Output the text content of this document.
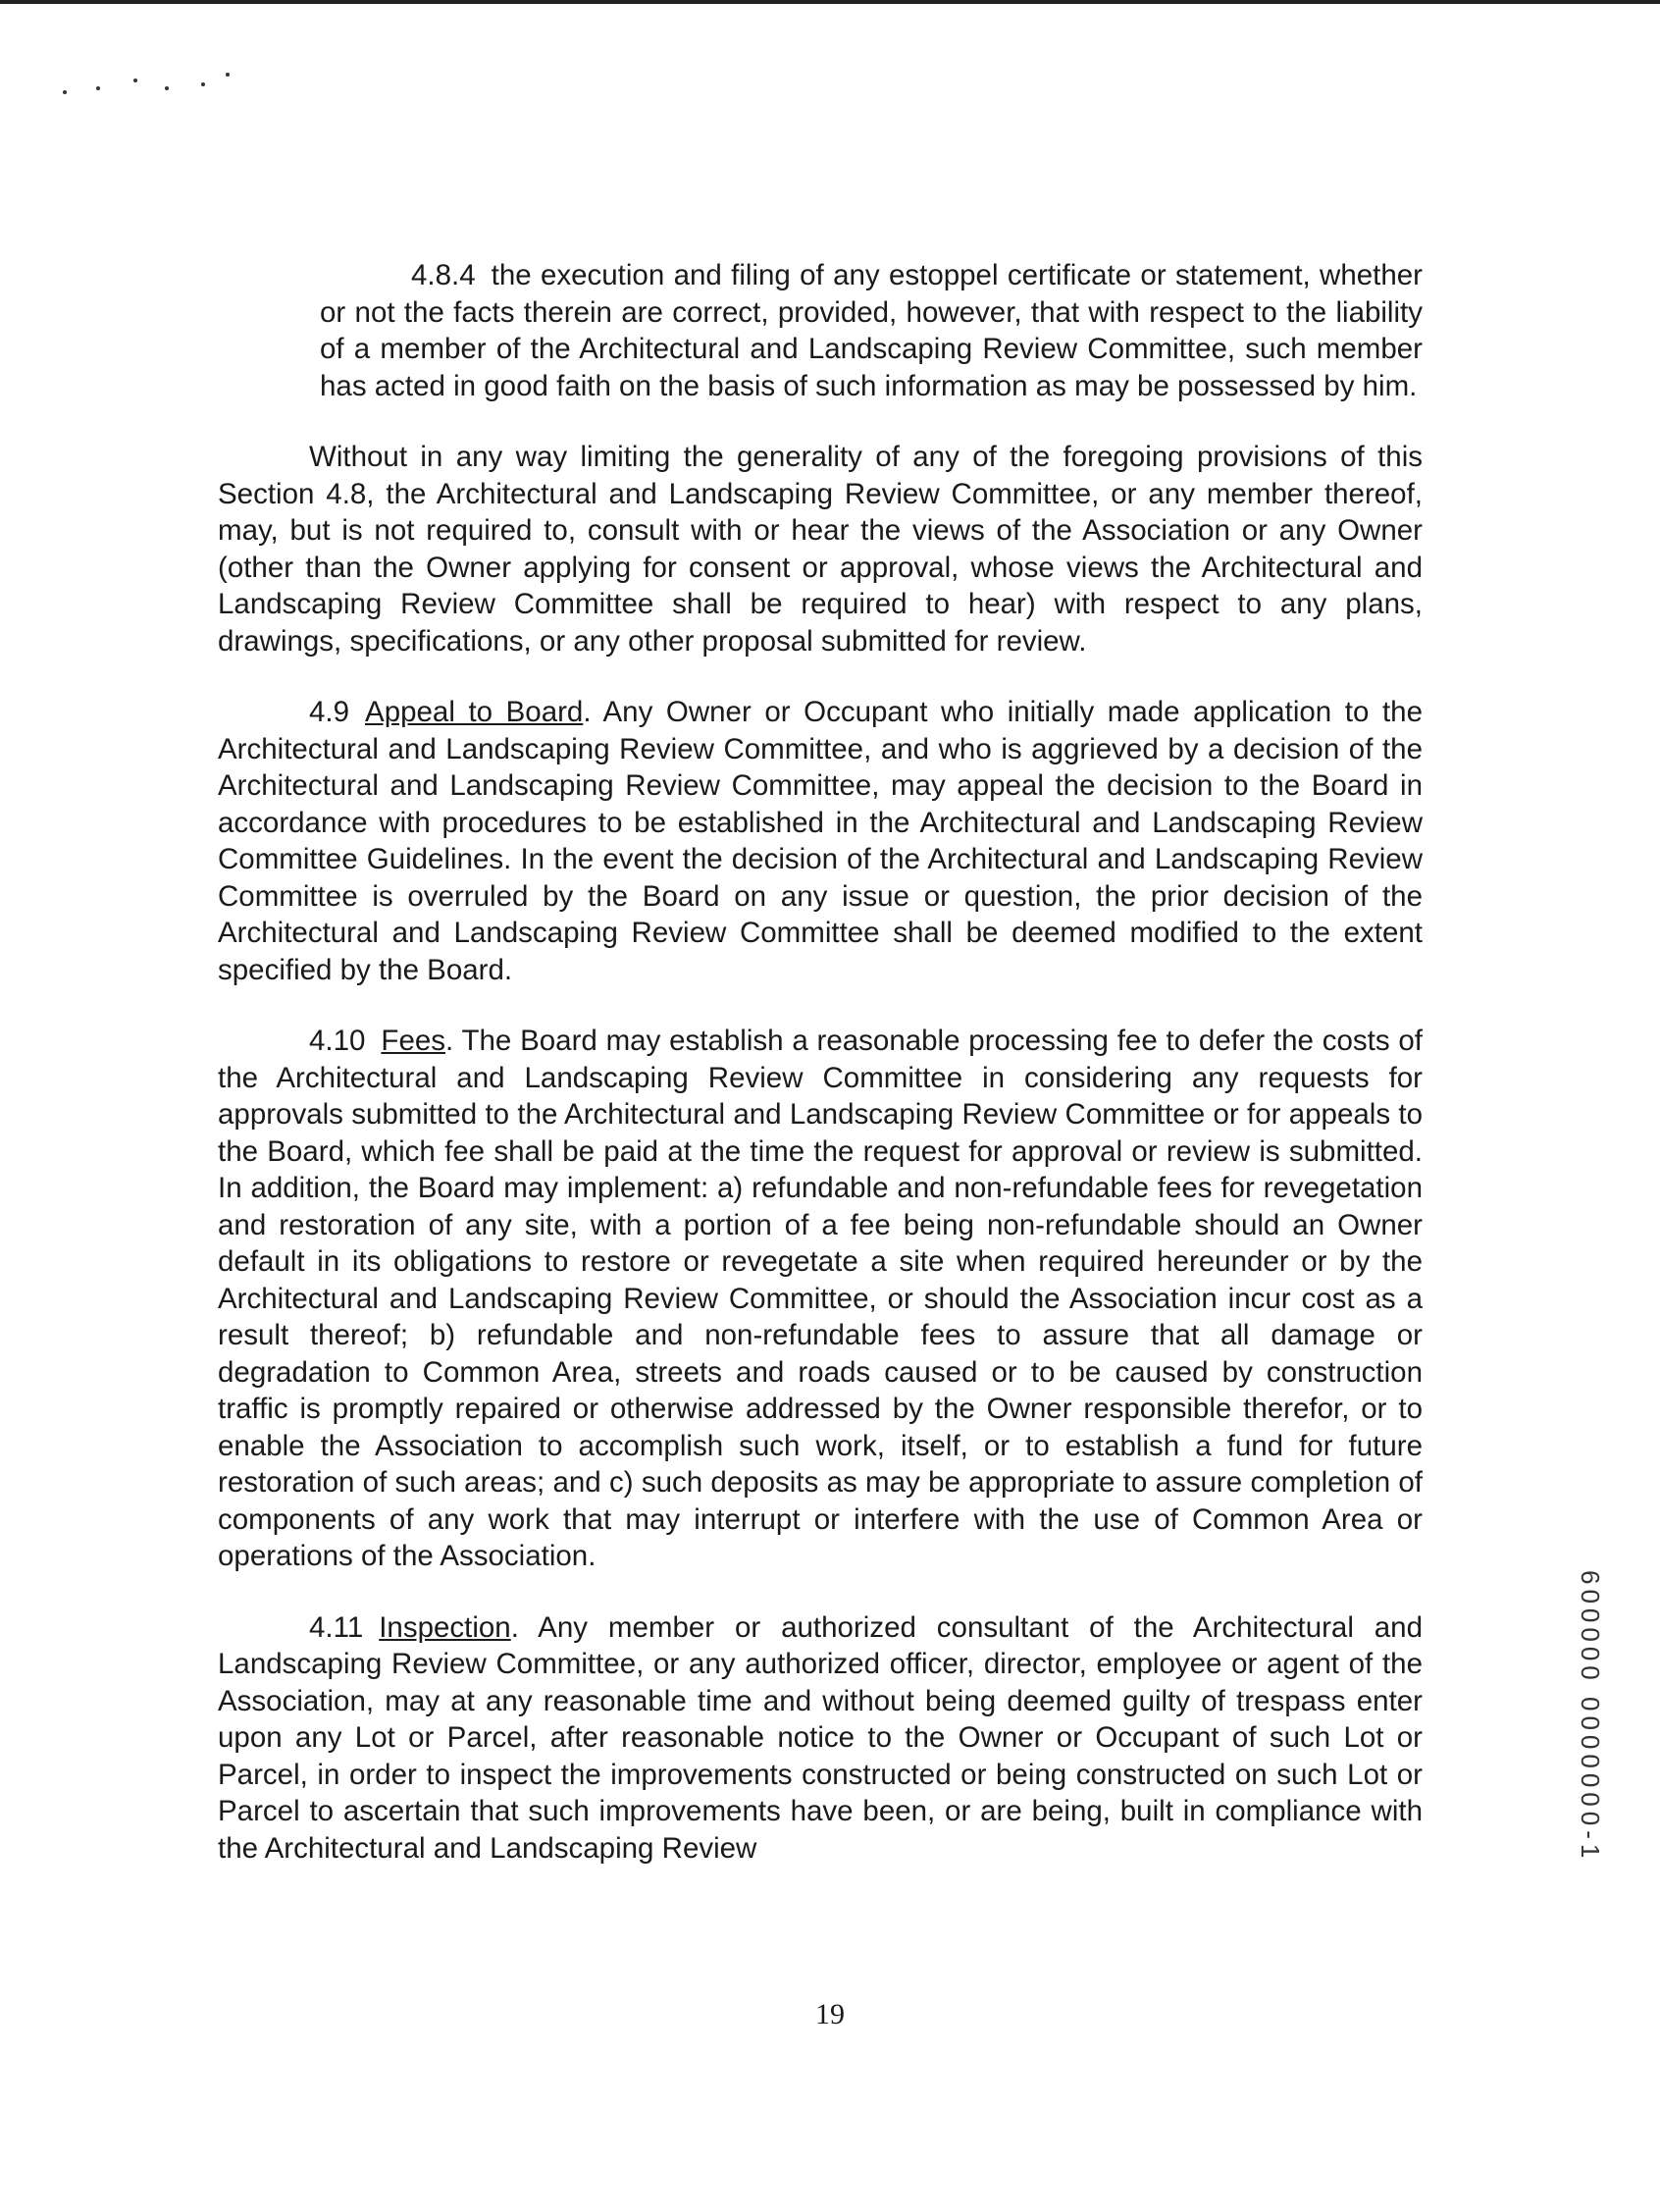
4.8.4 the execution and filing of any estoppel certificate or statement, whether or not the facts therein are correct, provided, however, that with respect to the liability of a member of the Architectural and Landscaping Review Committee, such member has acted in good faith on the basis of such information as may be possessed by him.

Without in any way limiting the generality of any of the foregoing provisions of this Section 4.8, the Architectural and Landscaping Review Committee, or any member thereof, may, but is not required to, consult with or hear the views of the Association or any Owner (other than the Owner applying for consent or approval, whose views the Architectural and Landscaping Review Committee shall be required to hear) with respect to any plans, drawings, specifications, or any other proposal submitted for review.

4.9 Appeal to Board. Any Owner or Occupant who initially made application to the Architectural and Landscaping Review Committee, and who is aggrieved by a decision of the Architectural and Landscaping Review Committee, may appeal the decision to the Board in accordance with procedures to be established in the Architectural and Landscaping Review Committee Guidelines. In the event the decision of the Architectural and Landscaping Review Committee is overruled by the Board on any issue or question, the prior decision of the Architectural and Landscaping Review Committee shall be deemed modified to the extent specified by the Board.

4.10 Fees. The Board may establish a reasonable processing fee to defer the costs of the Architectural and Landscaping Review Committee in considering any requests for approvals submitted to the Architectural and Landscaping Review Committee or for appeals to the Board, which fee shall be paid at the time the request for approval or review is submitted. In addition, the Board may implement: a) refundable and non-refundable fees for revegetation and restoration of any site, with a portion of a fee being non-refundable should an Owner default in its obligations to restore or revegetate a site when required hereunder or by the Architectural and Landscaping Review Committee, or should the Association incur cost as a result thereof; b) refundable and non-refundable fees to assure that all damage or degradation to Common Area, streets and roads caused or to be caused by construction traffic is promptly repaired or otherwise addressed by the Owner responsible therefor, or to enable the Association to accomplish such work, itself, or to establish a fund for future restoration of such areas; and c) such deposits as may be appropriate to assure completion of components of any work that may interrupt or interfere with the use of Common Area or operations of the Association.

4.11 Inspection. Any member or authorized consultant of the Architectural and Landscaping Review Committee, or any authorized officer, director, employee or agent of the Association, may at any reasonable time and without being deemed guilty of trespass enter upon any Lot or Parcel, after reasonable notice to the Owner or Occupant of such Lot or Parcel, in order to inspect the improvements constructed or being constructed on such Lot or Parcel to ascertain that such improvements have been, or are being, built in compliance with the Architectural and Landscaping Review	600000 0000000-1
19
